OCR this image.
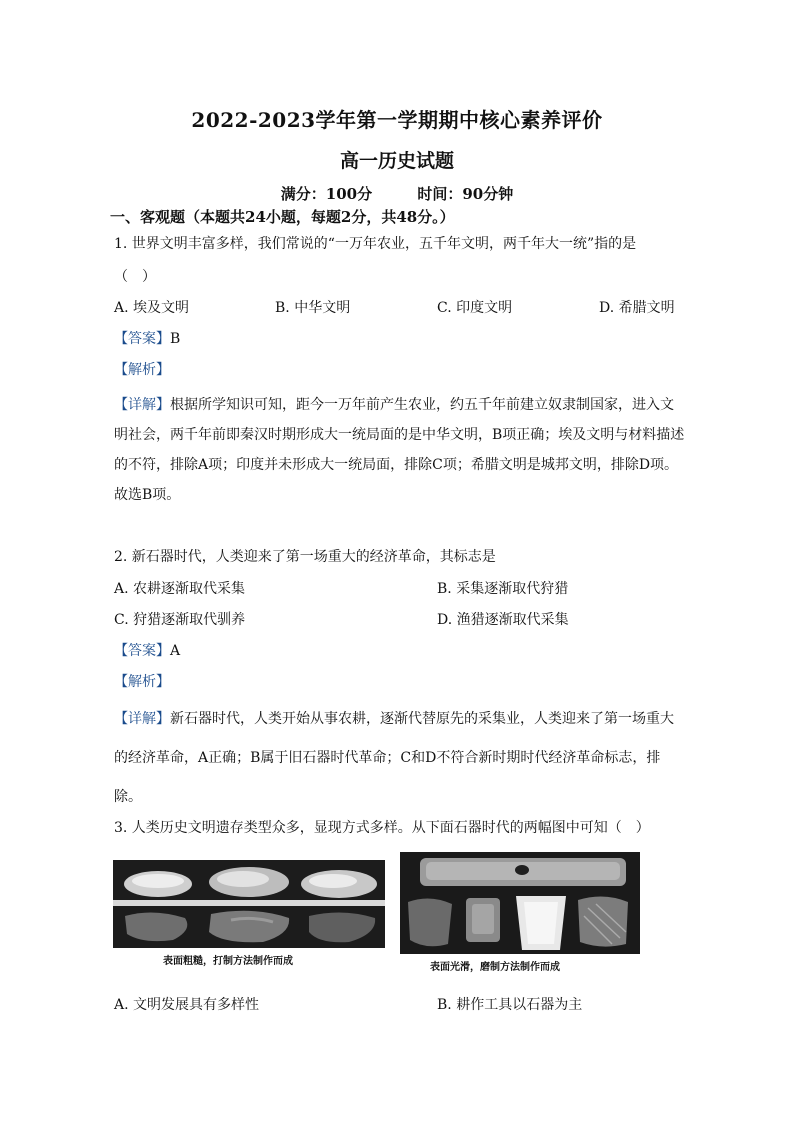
2022-2023学年第一学期期中核心素养评价
高一历史试题
满分：100分	时间：90分钟
一、客观题（本题共24小题，每题2分，共48分。）
1. 世界文明丰富多样，我们常说的“一万年农业，五千年文明，两千年大一统”指的是
（　）
A. 埃及文明	B. 中华文明	C. 印度文明	D. 希腊文明
【答案】B
【解析】
【详解】根据所学知识可知，距今一万年前产生农业，约五千年前建立奴隶制国家，进入文
明社会，两千年前即秦汉时期形成大一统局面的是中华文明，B项正确；埃及文明与材料描述
的不符，排除A项；印度并未形成大一统局面，排除C项；希腊文明是城邦文明，排除D项。
故选B项。
2. 新石器时代，人类迎来了第一场重大的经济革命，其标志是
A. 农耕逐渐取代采集	B. 采集逐渐取代狩猎
C. 狩猎逐渐取代驯养	D. 渔猎逐渐取代采集
【答案】A
【解析】
【详解】新石器时代，人类开始从事农耕，逐渐代替原先的采集业，人类迎来了第一场重大
的经济革命，A正确；B属于旧石器时代革命；C和D不符合新时期时代经济革命标志，排
除。
3. 人类历史文明遗存类型众多，显现方式多样。从下面石器时代的两幅图中可知（　）
表面粗糙，打制方法制作而成
表面光滑，磨制方法制作而成
A. 文明发展具有多样性	B. 耕作工具以石器为主
